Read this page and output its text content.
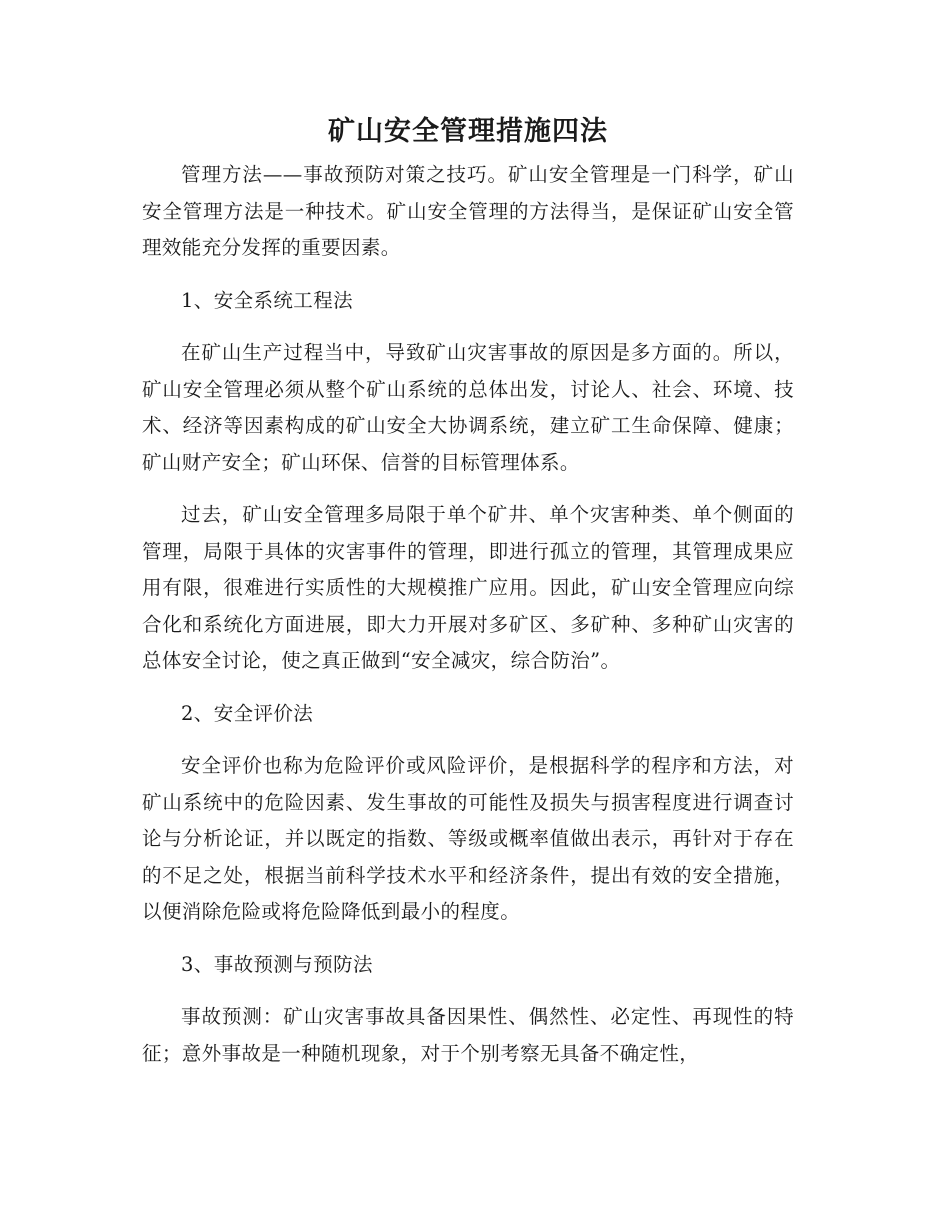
矿山安全管理措施四法

管理方法——事故预防对策之技巧。矿山安全管理是一门科学，矿山安全管理方法是一种技术。矿山安全管理的方法得当，是保证矿山安全管理效能充分发挥的重要因素。

1、安全系统工程法

在矿山生产过程当中，导致矿山灾害事故的原因是多方面的。所以，矿山安全管理必须从整个矿山系统的总体出发，讨论人、社会、环境、技术、经济等因素构成的矿山安全大协调系统，建立矿工生命保障、健康；矿山财产安全；矿山环保、信誉的目标管理体系。

过去，矿山安全管理多局限于单个矿井、单个灾害种类、单个侧面的管理，局限于具体的灾害事件的管理，即进行孤立的管理，其管理成果应用有限，很难进行实质性的大规模推广应用。因此，矿山安全管理应向综合化和系统化方面进展，即大力开展对多矿区、多矿种、多种矿山灾害的总体安全讨论，使之真正做到“安全减灾，综合防治”。

2、安全评价法

安全评价也称为危险评价或风险评价，是根据科学的程序和方法，对矿山系统中的危险因素、发生事故的可能性及损失与损害程度进行调查讨论与分析论证，并以既定的指数、等级或概率值做出表示，再针对于存在的不足之处，根据当前科学技术水平和经济条件，提出有效的安全措施，以便消除危险或将危险降低到最小的程度。

3、事故预测与预防法

事故预测：矿山灾害事故具备因果性、偶然性、必定性、再现性的特征；意外事故是一种随机现象，对于个别考察无具备不确定性，
